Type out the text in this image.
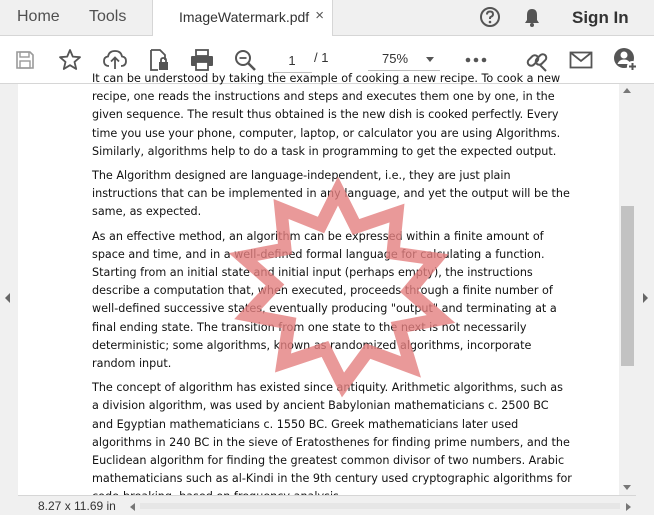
Home Tools	ImageWatermark.pdf ×	Sign In
1
/ 1	75%

It can be understood by taking the example of cooking a new recipe. To cook a new recipe, one reads the instructions and steps and executes them one by one, in the given sequence. The result thus obtained is the new dish is cooked perfectly. Every time you use your phone, computer, laptop, or calculator you are using Algorithms. Similarly, algorithms help to do a task in programming to get the expected output.

The Algorithm designed are language-independent, i.e., they are just plain instructions that can be implemented in any language, and yet the output will be the same, as expected.

As an effective method, an algorithm can be expressed within a finite amount of space and time, and in a well-defined formal language for calculating a function. Starting from an initial state and initial input (perhaps empty), the instructions describe a computation that, when executed, proceeds through a finite number of well-defined successive states, eventually producing "output" and terminating at a final ending state. The transition from one state to the next is not necessarily deterministic; some algorithms, known as randomized algorithms, incorporate random input.

The concept of algorithm has existed since antiquity. Arithmetic algorithms, such as a division algorithm, was used by ancient Babylonian mathematicians c. 2500 BC and Egyptian mathematicians c. 1550 BC. Greek mathematicians later used algorithms in 240 BC in the sieve of Eratosthenes for finding prime numbers, and the Euclidean algorithm for finding the greatest common divisor of two numbers. Arabic mathematicians such as al-Kindi in the 9th century used cryptographic algorithms for

8.27 x 11.69 in
